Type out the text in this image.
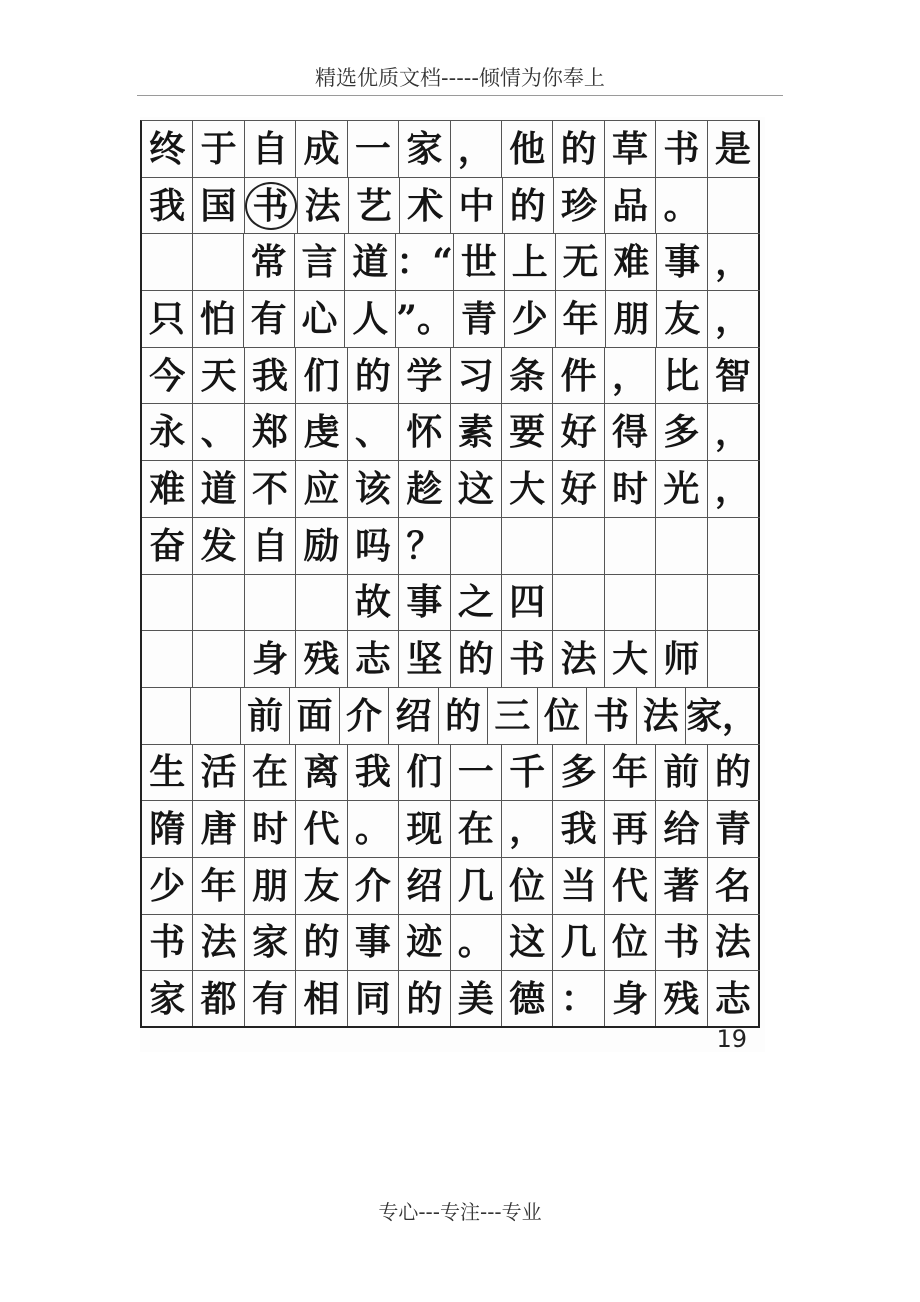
精选优质文档-----倾情为你奉上
终 于 自 成 一 家 ， 他 的 草 书 是
我 国 书 法 艺 术 中 的 珍 品 。
常 言 道 ：“ 世 上 无 难 事 ，
只 怕 有 心 人 ”。 青 少 年 朋 友 ，
今 天 我 们 的 学 习 条 件 ， 比 智
永 、 郑 虔 、 怀 素 要 好 得 多 ，
难 道 不 应 该 趁 这 大 好 时 光 ，
奋 发 自 励 吗 ？
故 事 之 四
身 残 志 坚 的 书 法 大 师
前 面 介 绍 的 三 位 书 法 家，
生 活 在 离 我 们 一 千 多 年 前 的
隋 唐 时 代 。 现 在 ， 我 再 给 青
少 年 朋 友 介 绍 几 位 当 代 著 名
书 法 家 的 事 迹 。 这 几 位 书 法
家 都 有 相 同 的 美 德 ： 身 残 志
19
专心---专注---专业
